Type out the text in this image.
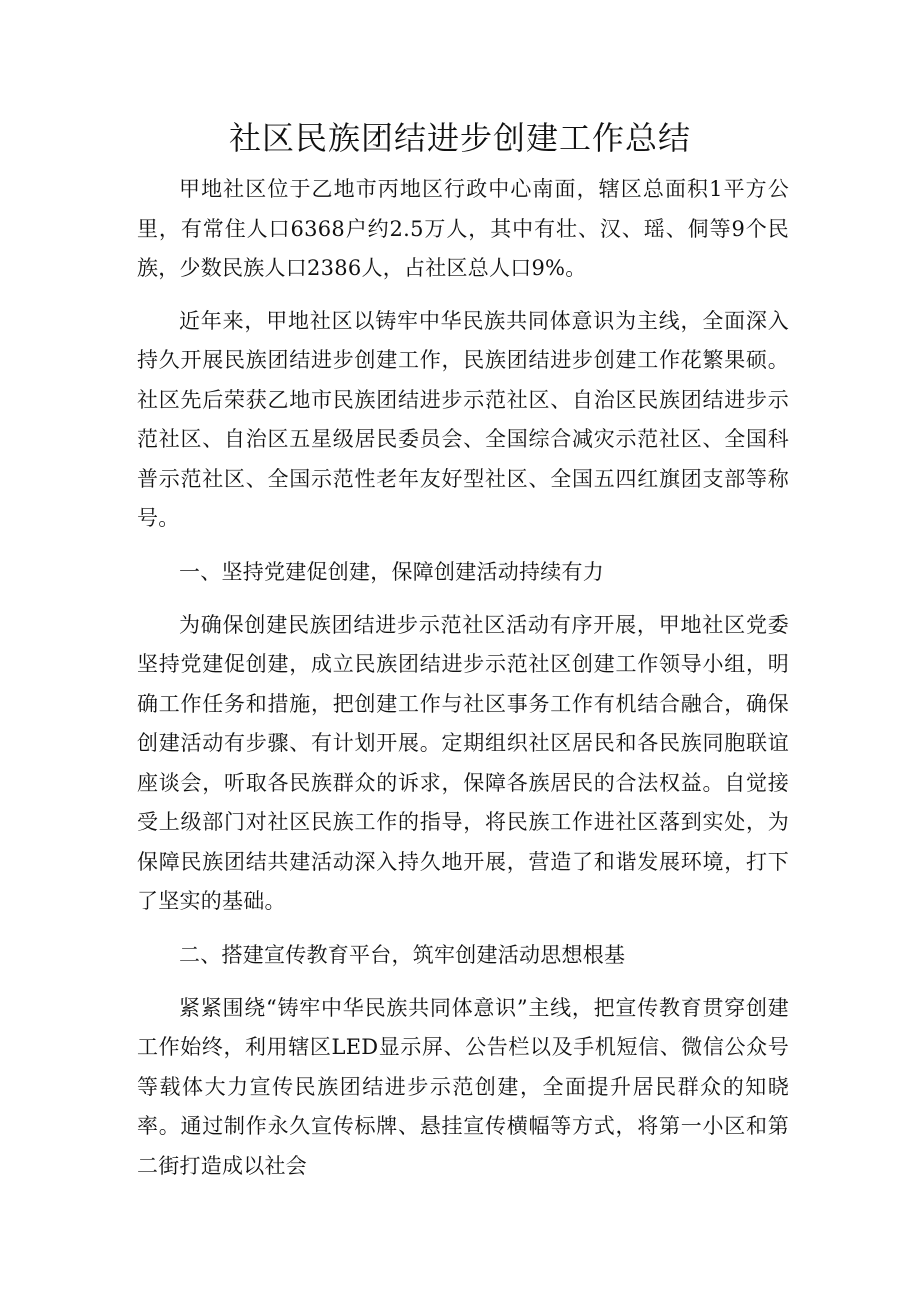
社区民族团结进步创建工作总结

甲地社区位于乙地市丙地区行政中心南面，辖区总面积1平方公里，有常住人口6368户约2.5万人，其中有壮、汉、瑶、侗等9个民族，少数民族人口2386人，占社区总人口9%。

近年来，甲地社区以铸牢中华民族共同体意识为主线，全面深入持久开展民族团结进步创建工作，民族团结进步创建工作花繁果硕。社区先后荣获乙地市民族团结进步示范社区、自治区民族团结进步示范社区、自治区五星级居民委员会、全国综合减灾示范社区、全国科普示范社区、全国示范性老年友好型社区、全国五四红旗团支部等称号。

一、坚持党建促创建，保障创建活动持续有力

为确保创建民族团结进步示范社区活动有序开展，甲地社区党委坚持党建促创建，成立民族团结进步示范社区创建工作领导小组，明确工作任务和措施，把创建工作与社区事务工作有机结合融合，确保创建活动有步骤、有计划开展。定期组织社区居民和各民族同胞联谊座谈会，听取各民族群众的诉求，保障各族居民的合法权益。自觉接受上级部门对社区民族工作的指导，将民族工作进社区落到实处，为保障民族团结共建活动深入持久地开展，营造了和谐发展环境，打下了坚实的基础。

二、搭建宣传教育平台，筑牢创建活动思想根基

紧紧围绕“铸牢中华民族共同体意识”主线，把宣传教育贯穿创建工作始终，利用辖区LED显示屏、公告栏以及手机短信、微信公众号等载体大力宣传民族团结进步示范创建，全面提升居民群众的知晓率。通过制作永久宣传标牌、悬挂宣传横幅等方式，将第一小区和第二街打造成以社会
